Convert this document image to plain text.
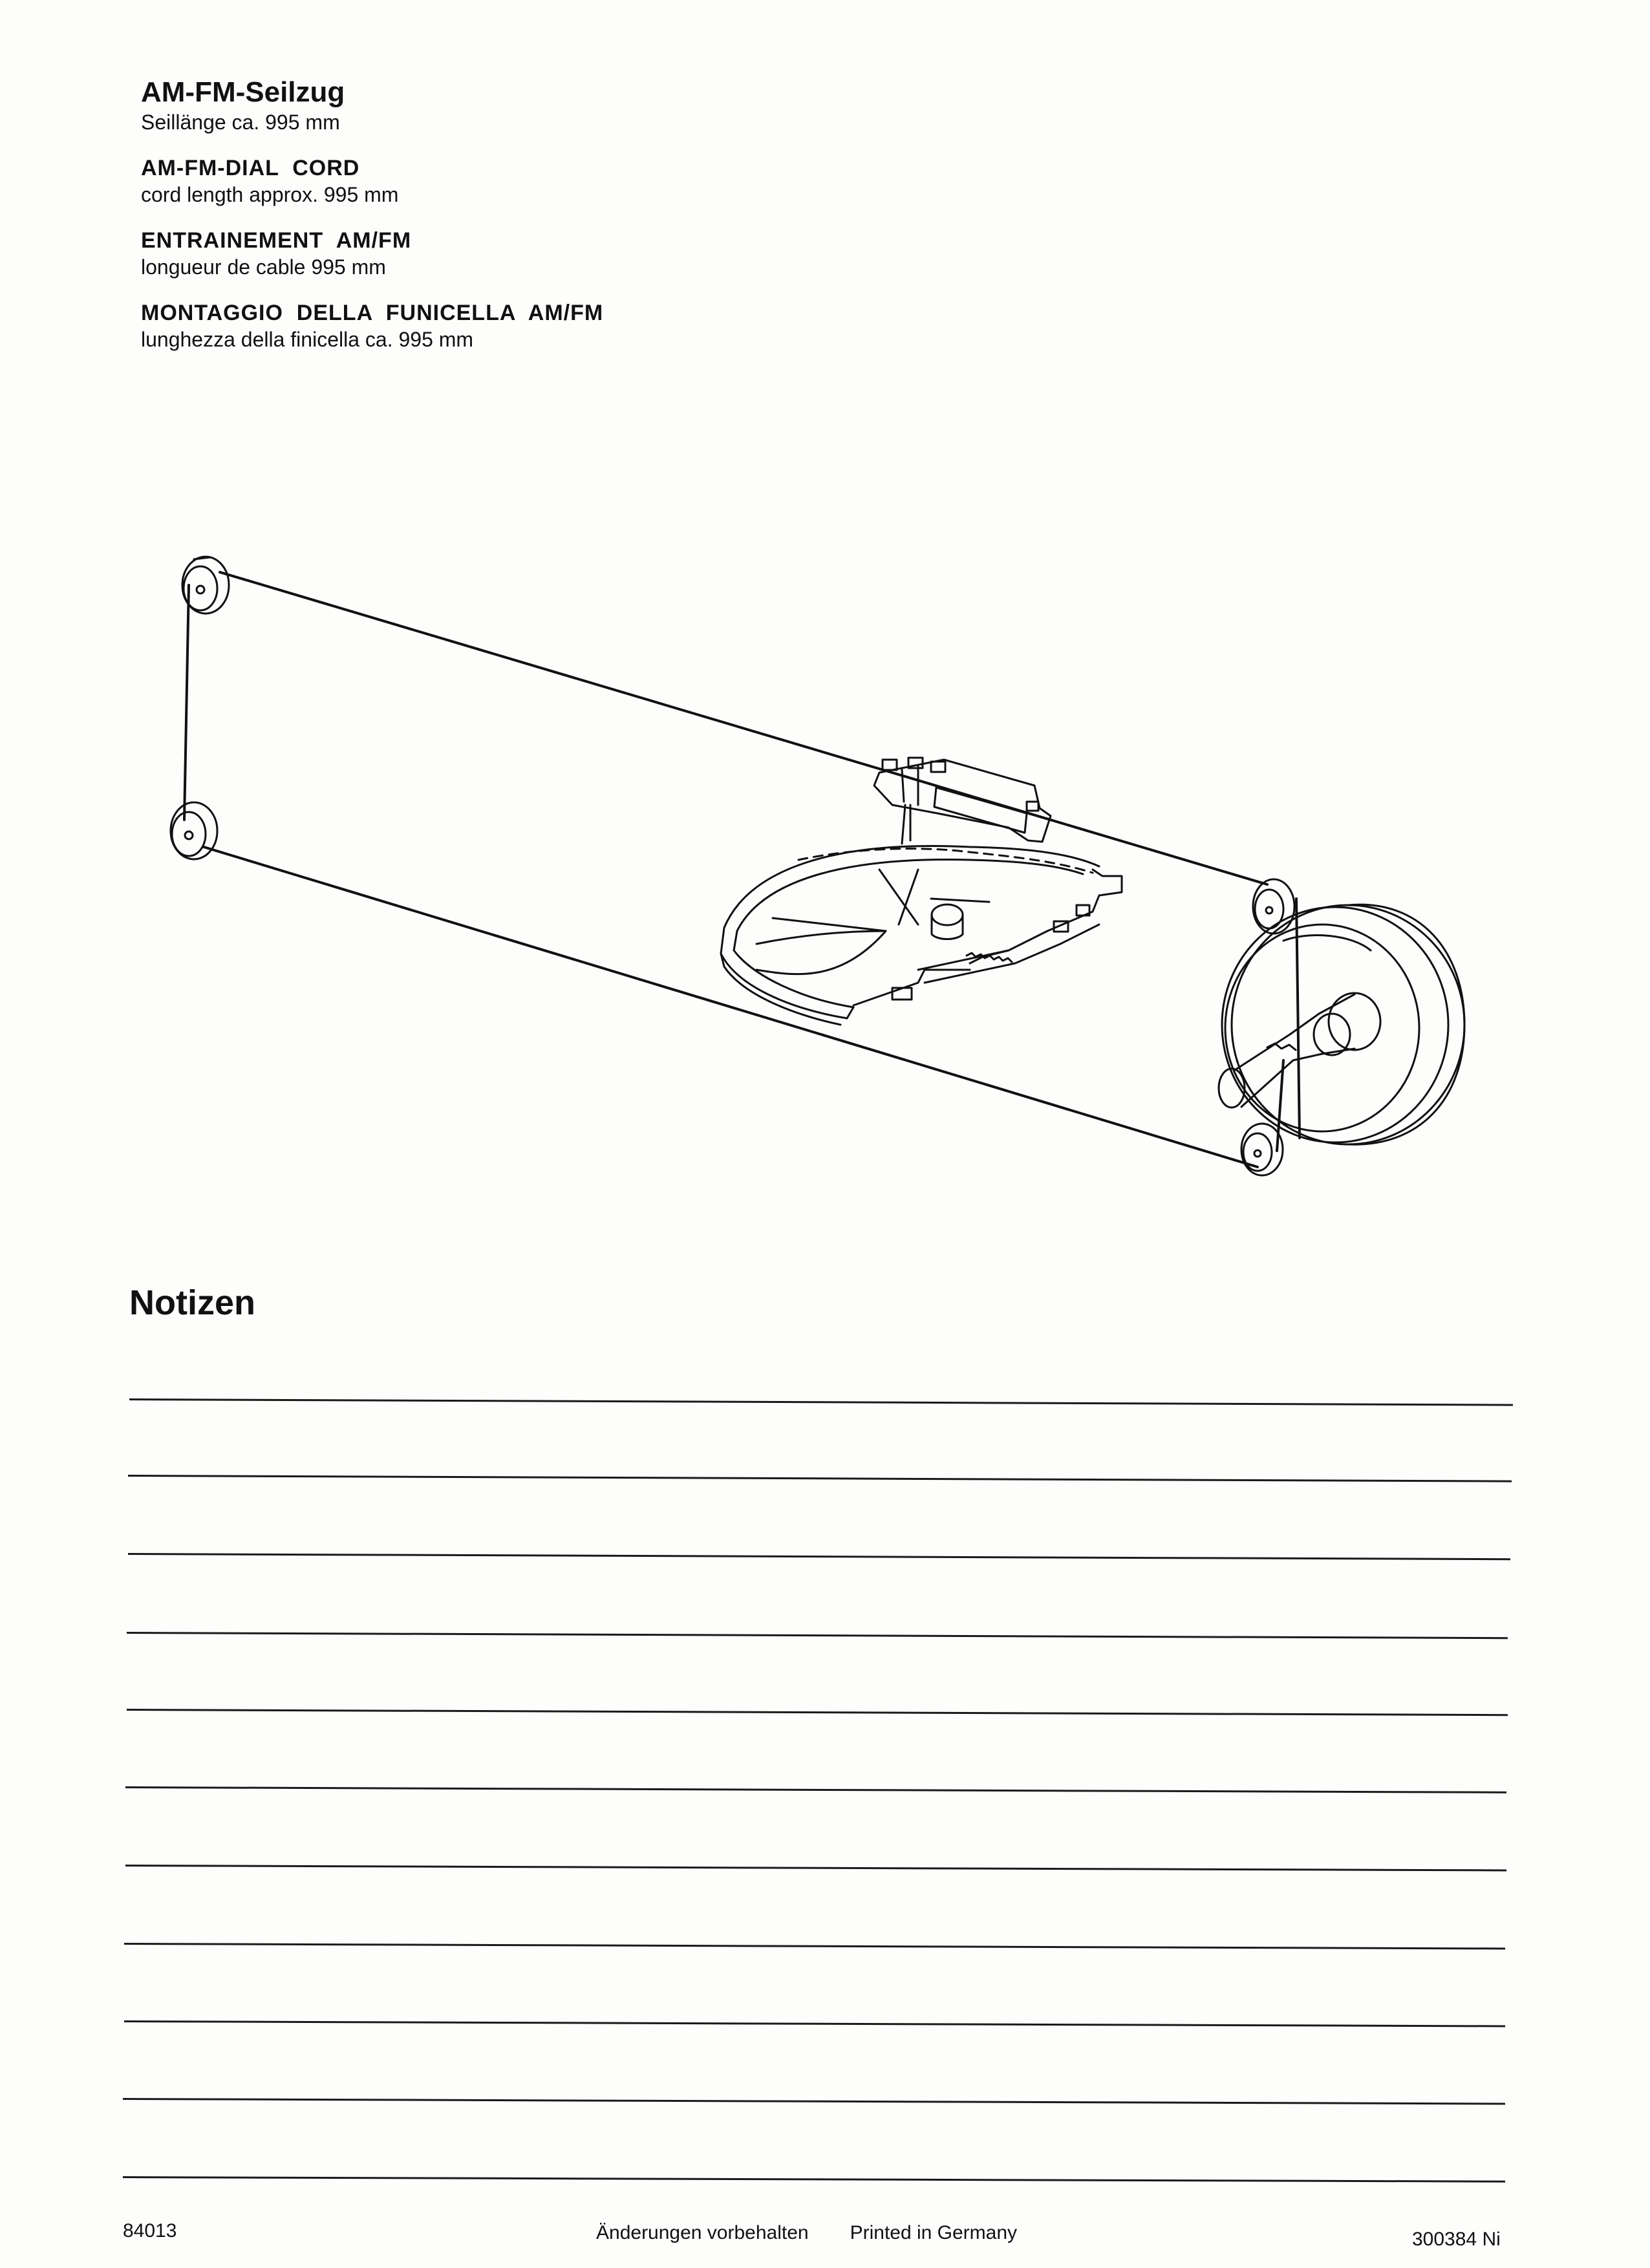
AM-FM-Seilzug
Seillänge ca. 995 mm
AM-FM-DIAL  CORD
cord length approx. 995 mm
ENTRAINEMENT  AM/FM
longueur de cable 995 mm
MONTAGGIO  DELLA  FUNICELLA  AM/FM
lunghezza della finicella ca. 995 mm
Notizen
84013	Änderungen vorbehalten Printed in Germany	300384 Ni
